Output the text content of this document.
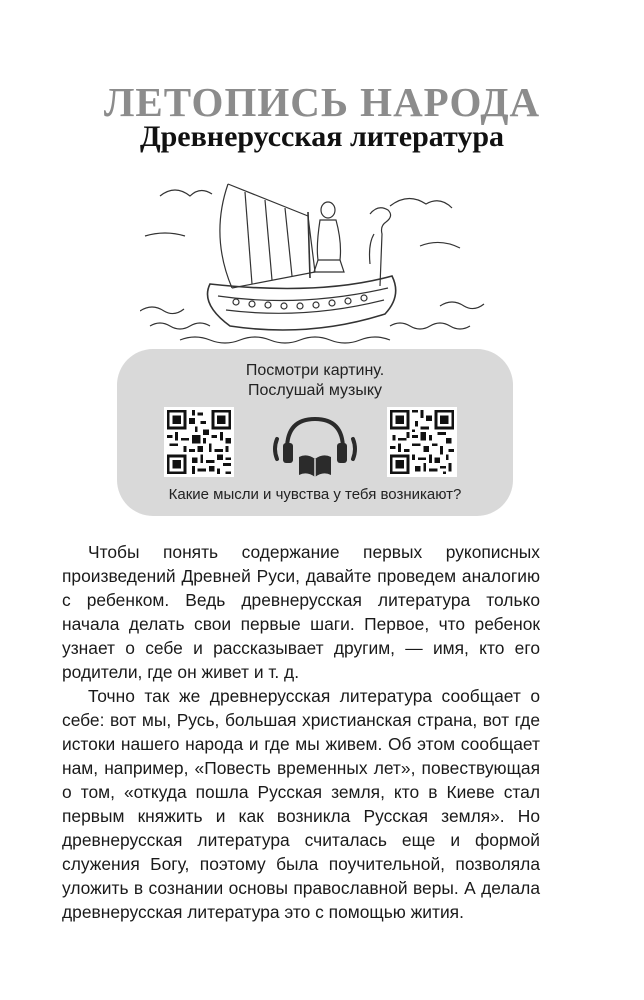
ЛЕТОПИСЬ НАРОДА
Древнерусская литература
Посмотри картину.
Послушай музыку
Какие мысли и чувства у тебя возникают?

Чтобы понять содержание первых рукописных произведений Древней Руси, давайте проведем аналогию с ребенком. Ведь древнерусская литература только начала делать свои первые шаги. Первое, что ребенок узнает о себе и рассказывает другим, — имя, кто его родители, где он живет и т. д.

Точно так же древнерусская литература сообщает о себе: вот мы, Русь, большая христианская страна, вот где истоки нашего народа и где мы живем. Об этом сообщает нам, например, «Повесть временных лет», повествующая о том, «откуда пошла Русская земля, кто в Киеве стал первым княжить и как возникла Русская земля». Но древнерусская литература считалась еще и формой служения Богу, поэтому была поучительной, позволяла уложить в сознании основы православной веры. А делала древнерусская литература это с помощью жития.
